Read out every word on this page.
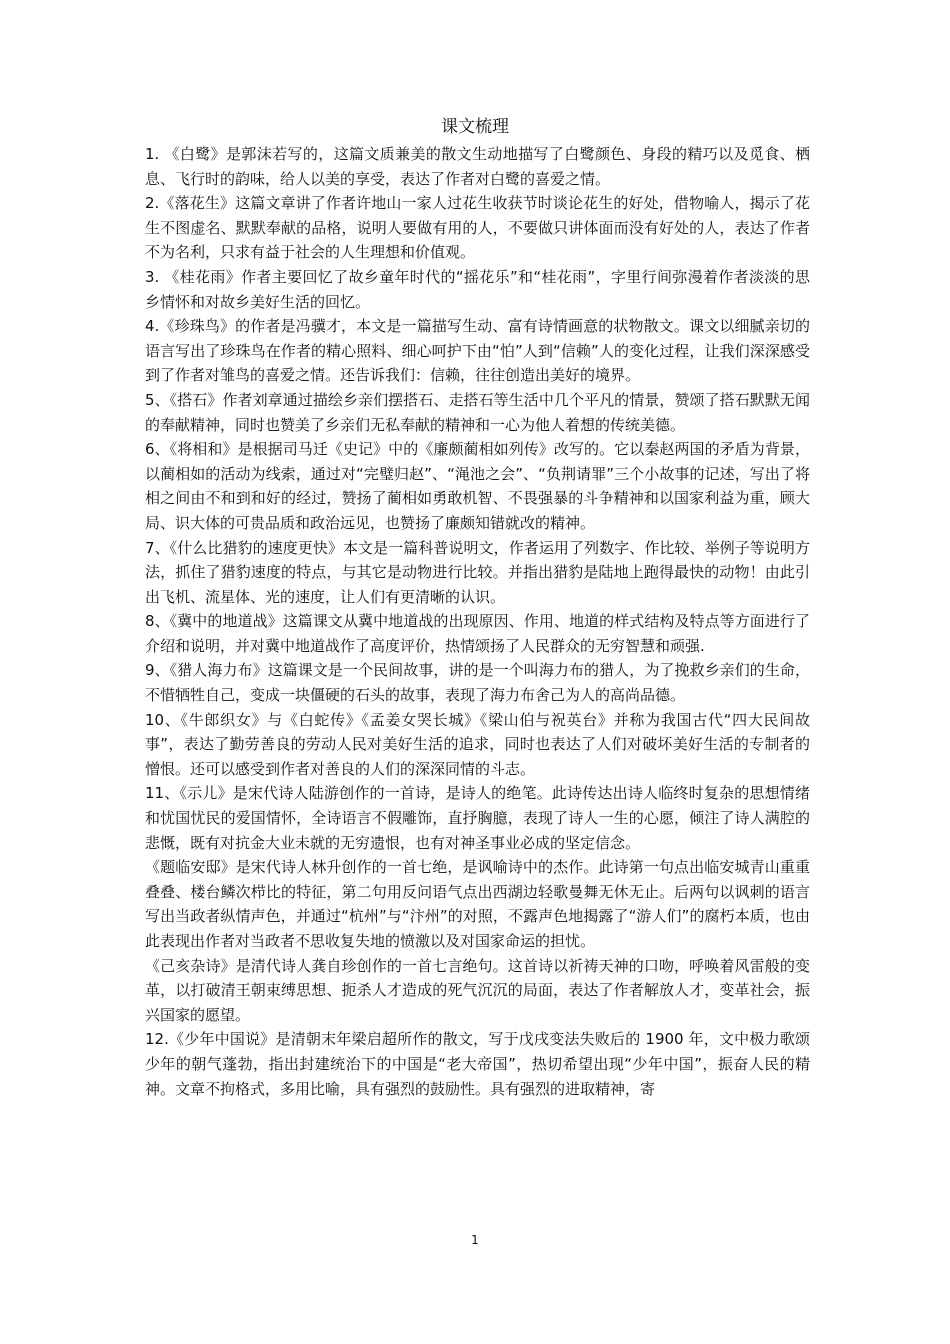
课文梳理

1. 《白鹭》是郭沫若写的，这篇文质兼美的散文生动地描写了白鹭颜色、身段的精巧以及觅食、栖息、飞行时的韵味，给人以美的享受，表达了作者对白鹭的喜爱之情。

2.《落花生》这篇文章讲了作者许地山一家人过花生收获节时谈论花生的好处，借物喻人，揭示了花生不图虚名、默默奉献的品格，说明人要做有用的人，不要做只讲体面而没有好处的人，表达了作者不为名利，只求有益于社会的人生理想和价值观。

3. 《桂花雨》作者主要回忆了故乡童年时代的“摇花乐”和“桂花雨”，字里行间弥漫着作者淡淡的思乡情怀和对故乡美好生活的回忆。

4.《珍珠鸟》的作者是冯骥才，本文是一篇描写生动、富有诗情画意的状物散文。课文以细腻亲切的语言写出了珍珠鸟在作者的精心照料、细心呵护下由“怕”人到“信赖”人的变化过程，让我们深深感受到了作者对雏鸟的喜爱之情。还告诉我们：信赖，往往创造出美好的境界。

5、《搭石》作者刘章通过描绘乡亲们摆搭石、走搭石等生活中几个平凡的情景，赞颂了搭石默默无闻的奉献精神，同时也赞美了乡亲们无私奉献的精神和一心为他人着想的传统美德。

6、《将相和》是根据司马迁《史记》中的《廉颇蔺相如列传》改写的。它以秦赵两国的矛盾为背景，以蔺相如的活动为线索，通过对“完璧归赵”、“渑池之会”、“负荆请罪”三个小故事的记述，写出了将相之间由不和到和好的经过，赞扬了蔺相如勇敢机智、不畏强暴的斗争精神和以国家利益为重，顾大局、识大体的可贵品质和政治远见，也赞扬了廉颇知错就改的精神。

7、《什么比猎豹的速度更快》本文是一篇科普说明文，作者运用了列数字、作比较、举例子等说明方法，抓住了猎豹速度的特点，与其它是动物进行比较。并指出猎豹是陆地上跑得最快的动物！由此引出飞机、流星体、光的速度，让人们有更清晰的认识。

8、《冀中的地道战》这篇课文从冀中地道战的出现原因、作用、地道的样式结构及特点等方面进行了介绍和说明，并对冀中地道战作了高度评价，热情颂扬了人民群众的无穷智慧和顽强.

9、《猎人海力布》这篇课文是一个民间故事，讲的是一个叫海力布的猎人，为了挽救乡亲们的生命，不惜牺牲自己，变成一块僵硬的石头的故事，表现了海力布舍己为人的高尚品德。

10、《牛郎织女》与《白蛇传》《孟姜女哭长城》《梁山伯与祝英台》并称为我国古代“四大民间故事”，表达了勤劳善良的劳动人民对美好生活的追求，同时也表达了人们对破坏美好生活的专制者的憎恨。还可以感受到作者对善良的人们的深深同情的斗志。

11、《示儿》是宋代诗人陆游创作的一首诗，是诗人的绝笔。此诗传达出诗人临终时复杂的思想情绪和忧国忧民的爱国情怀，全诗语言不假雕饰，直抒胸臆，表现了诗人一生的心愿，倾注了诗人满腔的悲慨，既有对抗金大业未就的无穷遗恨，也有对神圣事业必成的坚定信念。

《题临安邸》是宋代诗人林升创作的一首七绝，是讽喻诗中的杰作。此诗第一句点出临安城青山重重叠叠、楼台鳞次栉比的特征，第二句用反问语气点出西湖边轻歌曼舞无休无止。后两句以讽刺的语言写出当政者纵情声色，并通过“杭州”与“汴州”的对照，不露声色地揭露了“游人们”的腐朽本质，也由此表现出作者对当政者不思收复失地的愤激以及对国家命运的担忧。

《己亥杂诗》是清代诗人龚自珍创作的一首七言绝句。这首诗以祈祷天神的口吻，呼唤着风雷般的变革，以打破清王朝束缚思想、扼杀人才造成的死气沉沉的局面，表达了作者解放人才，变革社会，振兴国家的愿望。

12.《少年中国说》是清朝末年梁启超所作的散文，写于戊戌变法失败后的 1900 年，文中极力歌颂少年的朝气蓬勃，指出封建统治下的中国是“老大帝国”，热切希望出现“少年中国”，振奋人民的精神。文章不拘格式，多用比喻，具有强烈的鼓励性。具有强烈的进取精神，寄

1
